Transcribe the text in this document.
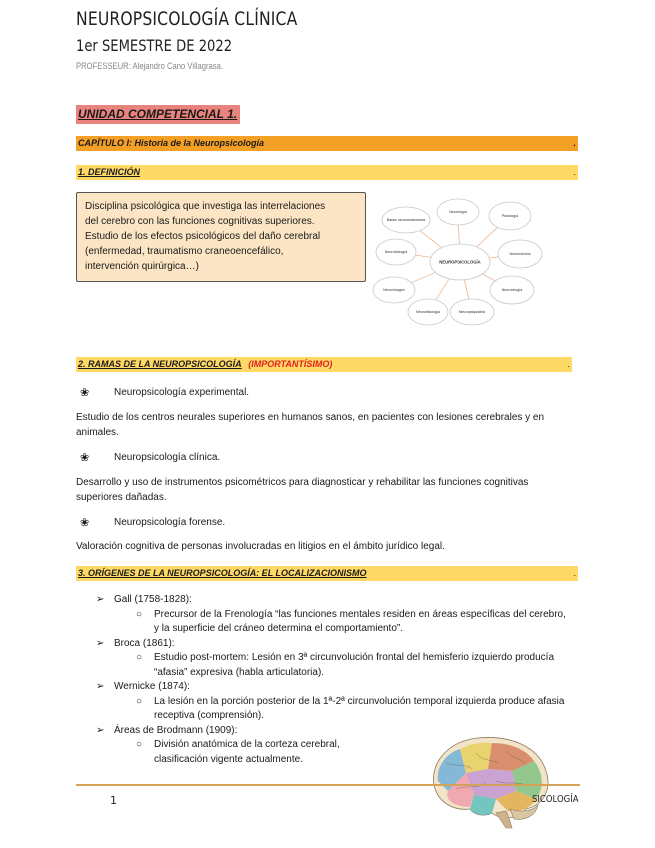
NEUROPSICOLOGÍA CLÍNICA
1er SEMESTRE DE 2022
PROFESSEUR: Alejandro Cano Villagrasa.
UNIDAD COMPETENCIAL 1.
CAPÍTULO I: Historia de la Neuropsicología	.
1. DEFINICIÓN	.
Disciplina psicológica que investiga las interrelaciones
del cerebro con las funciones cognitivas superiores.
Estudio de los efectos psicológicos del daño cerebral
(enfermedad, traumatismo craneoencefálico,
intervención quirúrgica…)	NEUROPSICOLOGÍA
Bases neuroanatómicas
Neurología
Psicología
Neurociencia
Neurocirugía
Neuropsiquiatría
Neurofisiología
Neuroimagen
Neurobiología
2. RAMAS DE LA NEUROPSICOLOGÍA (IMPORTANTÍSIMO)	.
❀	Neuropsicología experimental.
Estudio de los centros neurales superiores en humanos sanos, en pacientes con lesiones cerebrales y en animales.
❀	Neuropsicología clínica.
Desarrollo y uso de instrumentos psicométricos para diagnosticar y rehabilitar las funciones cognitivas superiores dañadas.
❀	Neuropsicología forense.
Valoración cognitiva de personas involucradas en litigios en el ámbito jurídico legal.
3. ORÍGENES DE LA NEUROPSICOLOGÍA: EL LOCALIZACIONISMO	.
➢ Gall (1758-1828):
○	Precursor de la Frenología “las funciones mentales residen en áreas específicas del cerebro, y la superficie del cráneo determina el comportamiento”.
➢ Broca (1861):
○	Estudio post-mortem: Lesión en 3ª circunvolución frontal del hemisferio izquierdo producía “afasia” expresiva (habla articulatoria).
➢ Wernicke (1874):
○	La lesión en la porción posterior de la 1ª-2ª circunvolución temporal izquierda produce afasia receptiva (comprensión).
➢ Áreas de Brodmann (1909):
○	División anatómica de la corteza cerebral, clasificación vigente actualmente.
1	SICOLOGÍA
